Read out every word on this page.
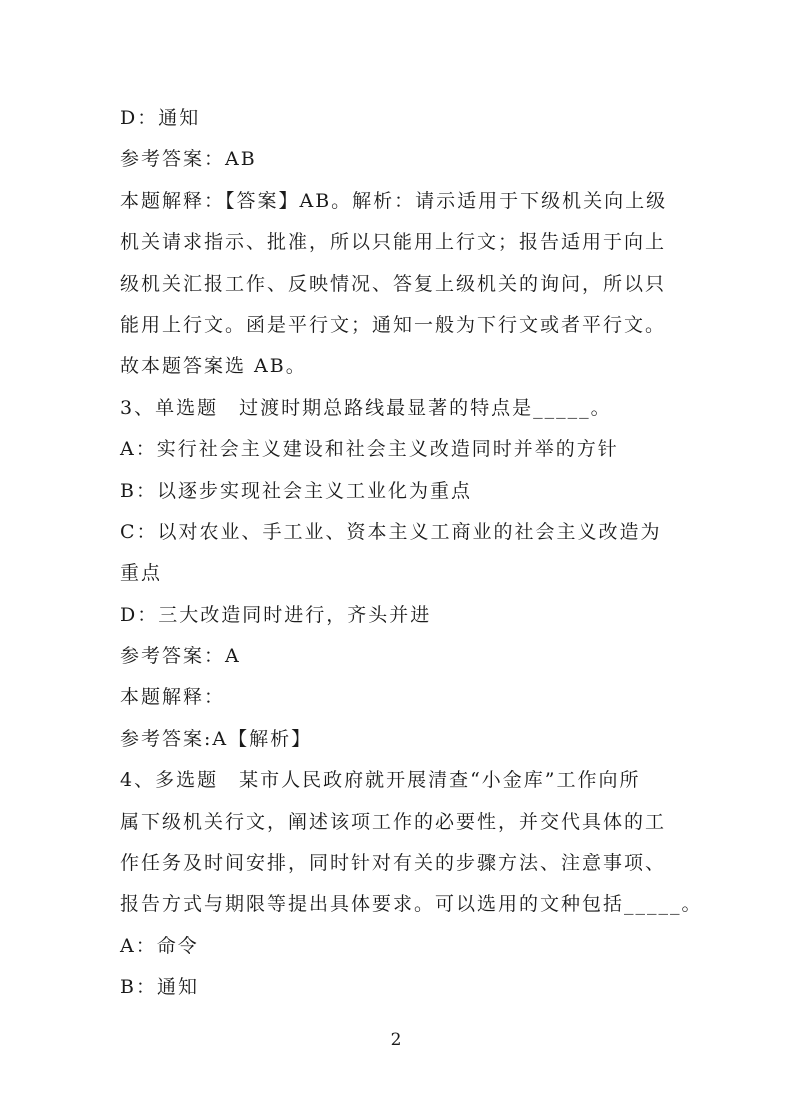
D：通知
参考答案：AB
本题解释：【答案】AB。解析：请示适用于下级机关向上级
机关请求指示、批准，所以只能用上行文；报告适用于向上
级机关汇报工作、反映情况、答复上级机关的询问，所以只
能用上行文。函是平行文；通知一般为下行文或者平行文。
故本题答案选 AB。
3、单选题　过渡时期总路线最显著的特点是_____。
A：实行社会主义建设和社会主义改造同时并举的方针
B：以逐步实现社会主义工业化为重点
C：以对农业、手工业、资本主义工商业的社会主义改造为
重点
D：三大改造同时进行，齐头并进
参考答案：A
本题解释：
参考答案:A【解析】
4、多选题　某市人民政府就开展清查“小金库”工作向所
属下级机关行文，阐述该项工作的必要性，并交代具体的工
作任务及时间安排，同时针对有关的步骤方法、注意事项、
报告方式与期限等提出具体要求。可以选用的文种包括_____。
A：命令
B：通知
2
